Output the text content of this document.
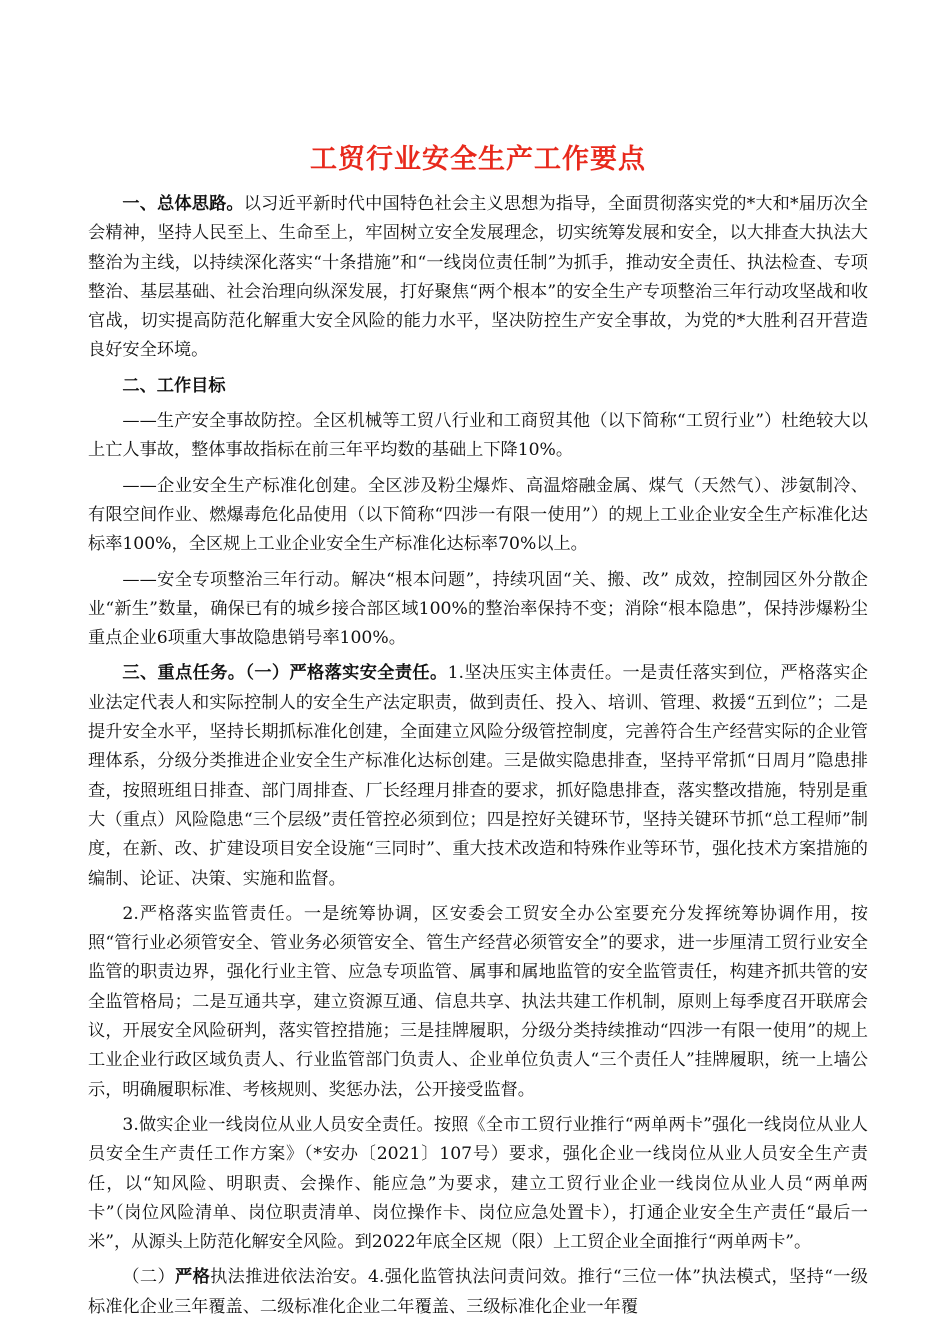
工贸行业安全生产工作要点

一、总体思路。以习近平新时代中国特色社会主义思想为指导，全面贯彻落实党的*大和*届历次全会精神，坚持人民至上、生命至上，牢固树立安全发展理念，切实统筹发展和安全，以大排查大执法大整治为主线，以持续深化落实“十条措施”和“一线岗位责任制”为抓手，推动安全责任、执法检查、专项整治、基层基础、社会治理向纵深发展，打好聚焦“两个根本”的安全生产专项整治三年行动攻坚战和收官战，切实提高防范化解重大安全风险的能力水平，坚决防控生产安全事故，为党的*大胜利召开营造良好安全环境。

二、工作目标

——生产安全事故防控。全区机械等工贸八行业和工商贸其他（以下简称“工贸行业”）杜绝较大以上亡人事故，整体事故指标在前三年平均数的基础上下降10%。

——企业安全生产标准化创建。全区涉及粉尘爆炸、高温熔融金属、煤气（天然气）、涉氨制冷、有限空间作业、燃爆毒危化品使用（以下简称“四涉一有限一使用”）的规上工业企业安全生产标准化达标率100%，全区规上工业企业安全生产标准化达标率70%以上。

——安全专项整治三年行动。解决“根本问题”，持续巩固“关、搬、改” 成效，控制园区外分散企业“新生”数量，确保已有的城乡接合部区域100%的整治率保持不变；消除“根本隐患”，保持涉爆粉尘重点企业6项重大事故隐患销号率100%。

三、重点任务。（一）严格落实安全责任。1.坚决压实主体责任。一是责任落实到位，严格落实企业法定代表人和实际控制人的安全生产法定职责，做到责任、投入、培训、管理、救援“五到位”；二是提升安全水平，坚持长期抓标准化创建，全面建立风险分级管控制度，完善符合生产经营实际的企业管理体系，分级分类推进企业安全生产标准化达标创建。三是做实隐患排查，坚持平常抓“日周月”隐患排查，按照班组日排查、部门周排查、厂长经理月排查的要求，抓好隐患排查，落实整改措施，特别是重大（重点）风险隐患“三个层级”责任管控必须到位；四是控好关键环节，坚持关键环节抓“总工程师”制度，在新、改、扩建设项目安全设施“三同时”、重大技术改造和特殊作业等环节，强化技术方案措施的编制、论证、决策、实施和监督。

2.严格落实监管责任。一是统筹协调，区安委会工贸安全办公室要充分发挥统筹协调作用，按照“管行业必须管安全、管业务必须管安全、管生产经营必须管安全”的要求，进一步厘清工贸行业安全监管的职责边界，强化行业主管、应急专项监管、属事和属地监管的安全监管责任，构建齐抓共管的安全监管格局；二是互通共享，建立资源互通、信息共享、执法共建工作机制，原则上每季度召开联席会议，开展安全风险研判，落实管控措施；三是挂牌履职，分级分类持续推动“四涉一有限一使用”的规上工业企业行政区域负责人、行业监管部门负责人、企业单位负责人“三个责任人”挂牌履职，统一上墙公示，明确履职标准、考核规则、奖惩办法，公开接受监督。

3.做实企业一线岗位从业人员安全责任。按照《全市工贸行业推行“两单两卡”强化一线岗位从业人员安全生产责任工作方案》（*安办〔2021〕107号）要求，强化企业一线岗位从业人员安全生产责任，以“知风险、明职责、会操作、能应急”为要求，建立工贸行业企业一线岗位从业人员“两单两卡”（岗位风险清单、岗位职责清单、岗位操作卡、岗位应急处置卡），打通企业安全生产责任“最后一米”，从源头上防范化解安全风险。到2022年底全区规（限）上工贸企业全面推行“两单两卡”。

（二）严格执法推进依法治安。4.强化监管执法问责问效。推行“三位一体”执法模式，坚持“一级标准化企业三年覆盖、二级标准化企业二年覆盖、三级标准化企业一年覆
